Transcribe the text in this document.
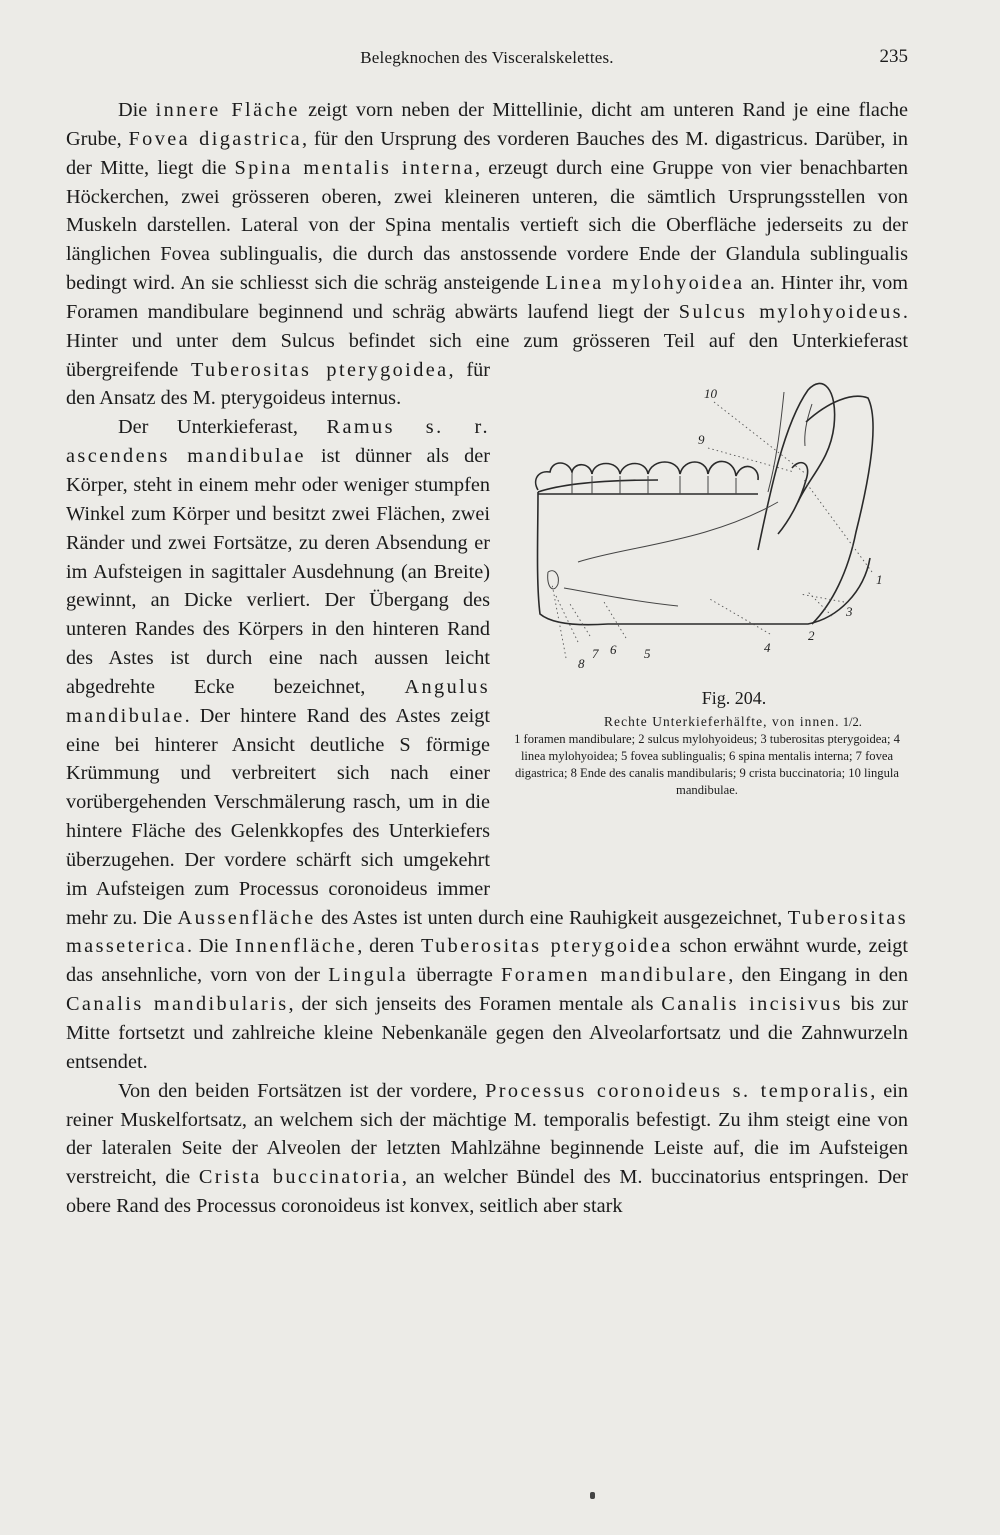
Belegknochen des Visceralskelettes.	235

Die innere Fläche zeigt vorn neben der Mittellinie, dicht am unteren Rand je eine flache Grube, Fovea digastrica, für den Ursprung des vorderen Bauches des M. digastricus. Darüber, in der Mitte, liegt die Spina mentalis interna, erzeugt durch eine Gruppe von vier benachbarten Höckerchen, zwei grösseren oberen, zwei kleineren unteren, die sämtlich Ursprungsstellen von Muskeln darstellen. Lateral von der Spina mentalis vertieft sich die Oberfläche jederseits zu der länglichen Fovea sublingualis, die durch das anstossende vordere Ende der Glandula sublingualis bedingt wird. An sie schliesst sich die schräg ansteigende Linea mylohyoidea an. Hinter ihr, vom Foramen mandibulare beginnend und schräg abwärts laufend liegt der Sulcus mylohyoideus. Hinter und unter dem Sulcus befindet sich eine zum grösseren Teil auf den Unterkieferast übergreifende
10
9
1
3
2
4
5
6
7
8
Fig. 204.
Rechte Unterkieferhälfte, von innen. 1/2.
1 foramen mandibulare; 2 sulcus mylohyoideus; 3 tuberositas pterygoidea; 4 linea mylohyoidea; 5 fovea sublingualis; 6 spina mentalis interna; 7 fovea digastrica; 8 Ende des canalis mandibularis; 9 crista buccinatoria; 10 lingula mandibulae.
Tuberositas pterygoidea, für den Ansatz des M. pterygoideus internus.

Der Unterkieferast, Ramus s. r. ascendens mandibulae ist dünner als der Körper, steht in einem mehr oder weniger stumpfen Winkel zum Körper und besitzt zwei Flächen, zwei Ränder und zwei Fortsätze, zu deren Absendung er im Aufsteigen in sagittaler Ausdehnung (an Breite) gewinnt, an Dicke verliert. Der Übergang des unteren Randes des Körpers in den hinteren Rand des Astes ist durch eine nach aussen leicht abgedrehte Ecke bezeichnet, Angulus mandibulae. Der hintere Rand des Astes zeigt eine bei hinterer Ansicht deutliche S förmige Krümmung und verbreitert sich nach einer vorübergehenden Verschmälerung rasch, um in die hintere Fläche des Gelenkkopfes des Unterkiefers überzugehen. Der vordere schärft sich umgekehrt im Aufsteigen zum Processus coronoideus immer mehr zu. Die Aussenfläche des Astes ist unten durch eine Rauhigkeit ausgezeichnet, Tuberositas masseterica. Die Innenfläche, deren Tuberositas pterygoidea schon erwähnt wurde, zeigt das ansehnliche, vorn von der Lingula überragte Foramen mandibulare, den Eingang in den Canalis mandibularis, der sich jenseits des Foramen mentale als Canalis incisivus bis zur Mitte fortsetzt und zahlreiche kleine Nebenkanäle gegen den Alveolarfortsatz und die Zahnwurzeln entsendet.

Von den beiden Fortsätzen ist der vordere, Processus coronoideus s. temporalis, ein reiner Muskelfortsatz, an welchem sich der mächtige M. temporalis befestigt. Zu ihm steigt eine von der lateralen Seite der Alveolen der letzten Mahlzähne beginnende Leiste auf, die im Aufsteigen verstreicht, die Crista buccinatoria, an welcher Bündel des M. buccinatorius entspringen. Der obere Rand des Processus coronoideus ist konvex, seitlich aber stark
